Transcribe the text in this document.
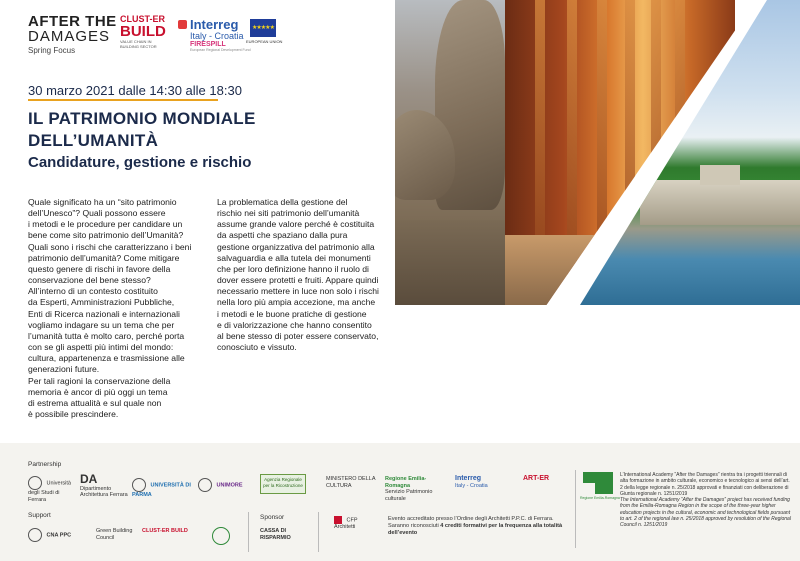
AFTER THE
DAMAGES
Spring Focus
CLUST-ER
BUILD
VALUE CHAIN IN BUILDING SECTOR
Interreg
Italy - Croatia
FIRESPILL
European Regional Development Fund
★★★★★
EUROPEAN UNION
30 marzo 2021 dalle 14:30 alle 18:30
IL PATRIMONIO MONDIALE
DELL’UMANITÀ
Candidature, gestione e rischio

Quale significato ha un “sito patrimonio
dell’Unesco”? Quali possono essere
i metodi e le procedure per candidare un
bene come sito patrimonio dell’Umanità?
Quali sono i rischi che caratterizzano i beni
patrimonio dell’umanità? Come mitigare
questo genere di rischi in favore della
conservazione del bene stesso?
All’interno di un contesto costituito
da Esperti, Amministrazioni Pubbliche,
Enti di Ricerca nazionali e internazionali
vogliamo indagare su un tema che per
l’umanità tutta è molto caro, perché porta
con se gli aspetti più intimi del mondo:
cultura, appartenenza e trasmissione alle
generazioni future.
Per tali ragioni la conservazione della
memoria è ancor di più oggi un tema
di estrema attualità e sul quale non
è possibile prescindere.

La problematica della gestione del
rischio nei siti patrimonio dell’umanità
assume grande valore perché è costituita
da aspetti che spaziano dalla pura
gestione organizzativa del patrimonio alla
salvaguardia e alla tutela dei monumenti
che per loro definizione hanno il ruolo di
dover essere protetti e fruiti. Appare quindi
necessario mettere in luce non solo i rischi
nella loro più ampia accezione, ma anche
i metodi e le buone pratiche di gestione
e di valorizzazione che hanno consentito
al bene stesso di poter essere conservato,
conosciuto e vissuto.

Partnership
Università degli Studi di Ferrara
DA Dipartimento Architettura Ferrara
UNIVERSITÀ DI PARMA
UNIMORE
Agenzia Regionale per la Ricostruzione
MINISTERO DELLA CULTURA
Regione Emilia-Romagna
Servizio Patrimonio culturale
Interreg
Italy - Croatia
ART-ER
Support
CNA PPC
Green Building Council
CLUST-ER BUILD
Sponsor
CASSA DI RISPARMIO
CFP Architetti
Evento accreditato presso l’Ordine degli Architetti P.P.C. di Ferrara. Saranno riconosciuti 4 crediti formativi per la frequenza alla totalità dell’evento
Regione Emilia-Romagna
L’International Academy “After the Damages” rientra tra i progetti triennali di alta formazione in ambito culturale, economico e tecnologico ai sensi dell’art. 2 della legge regionale n. 25/2018 approvati e finanziati con deliberazione di Giunta regionale n. 1251/2019
The International Academy “After the Damages” project has received funding from the Emilia-Romagna Region in the scope of the three-year higher education projects in the cultural, economic and technological fields pursuant to art. 2 of the regional law n. 25/2018 approved by resolution of the Regional Council n. 1251/2019
